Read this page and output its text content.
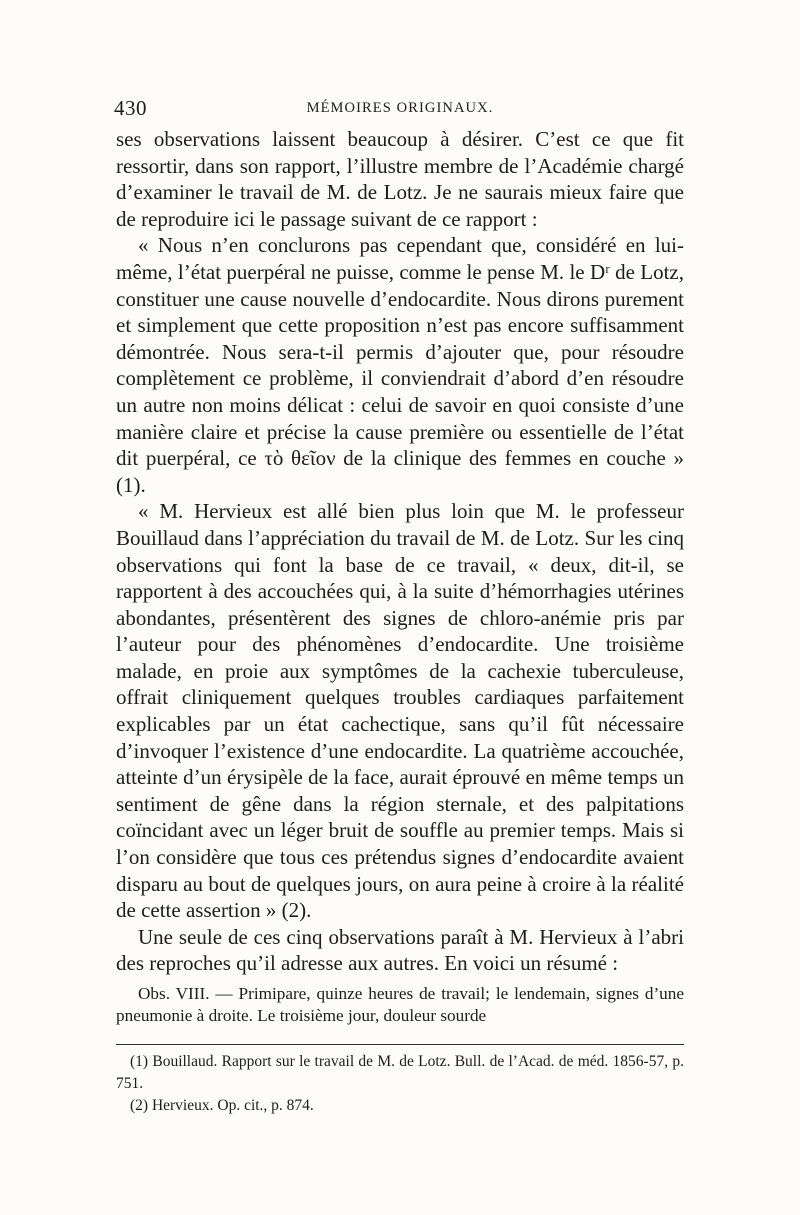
430	MÉMOIRES ORIGINAUX.

ses observations laissent beaucoup à désirer. C’est ce que fit ressortir, dans son rapport, l’illustre membre de l’Académie chargé d’examiner le travail de M. de Lotz. Je ne saurais mieux faire que de reproduire ici le passage suivant de ce rapport :

« Nous n’en conclurons pas cependant que, considéré en lui-même, l’état puerpéral ne puisse, comme le pense M. le Dʳ de Lotz, constituer une cause nouvelle d’endocardite. Nous dirons purement et simplement que cette proposition n’est pas encore suffisamment démontrée. Nous sera-t-il permis d’ajouter que, pour résoudre complètement ce problème, il conviendrait d’abord d’en résoudre un autre non moins délicat : celui de savoir en quoi consiste d’une manière claire et précise la cause première ou essentielle de l’état dit puerpéral, ce τὸ θεῖον de la clinique des femmes en couche » (1).

« M. Hervieux est allé bien plus loin que M. le professeur Bouillaud dans l’appréciation du travail de M. de Lotz. Sur les cinq observations qui font la base de ce travail, « deux, dit-il, se rapportent à des accouchées qui, à la suite d’hémorrhagies utérines abondantes, présentèrent des signes de chloro-anémie pris par l’auteur pour des phénomènes d’endocardite. Une troisième malade, en proie aux symptômes de la cachexie tuberculeuse, offrait cliniquement quelques troubles cardiaques parfaitement explicables par un état cachectique, sans qu’il fût nécessaire d’invoquer l’existence d’une endocardite. La quatrième accouchée, atteinte d’un érysipèle de la face, aurait éprouvé en même temps un sentiment de gêne dans la région sternale, et des palpitations coïncidant avec un léger bruit de souffle au premier temps. Mais si l’on considère que tous ces prétendus signes d’endocardite avaient disparu au bout de quelques jours, on aura peine à croire à la réalité de cette assertion » (2).

Une seule de ces cinq observations paraît à M. Hervieux à l’abri des reproches qu’il adresse aux autres. En voici un résumé :

Obs. VIII. — Primipare, quinze heures de travail; le lendemain, signes d’une pneumonie à droite. Le troisième jour, douleur sourde

(1) Bouillaud. Rapport sur le travail de M. de Lotz. Bull. de l’Acad. de méd. 1856-57, p. 751.

(2) Hervieux. Op. cit., p. 874.
